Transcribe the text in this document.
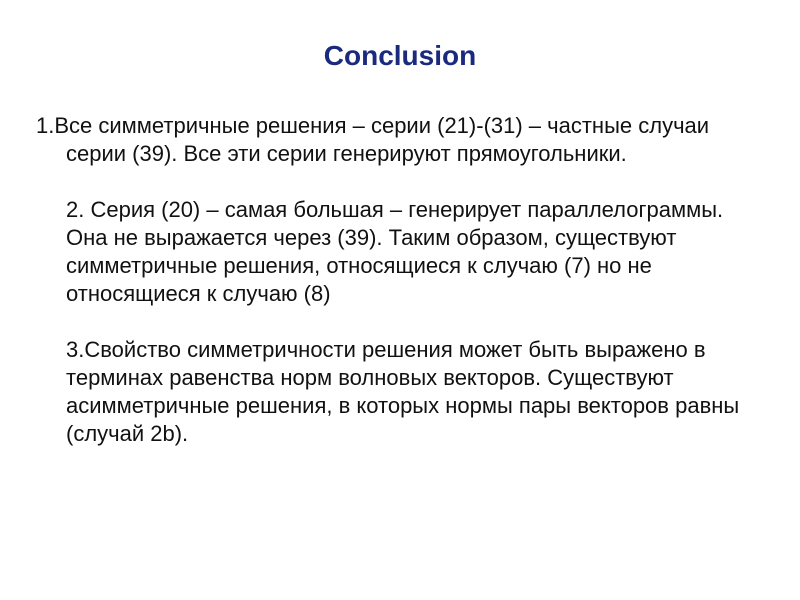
Conclusion

1.Все симметричные решения – серии (21)-(31) – частные случаи серии (39). Все эти серии генерируют прямоугольники.

2. Серия (20) – самая большая – генерирует параллелограммы. Она не выражается через (39). Таким образом, существуют симметричные решения, относящиеся к случаю (7) но не относящиеся к случаю (8)

3.Свойство симметричности решения может быть выражено в терминах равенства норм волновых векторов. Существуют асимметричные решения, в которых нормы пары векторов равны (случай 2b).
